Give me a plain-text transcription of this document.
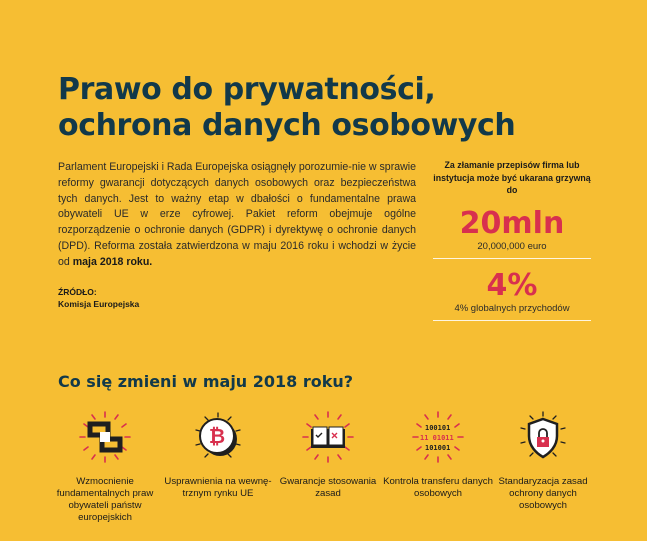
Prawo do prywatności,
ochrona danych osobowych

Parlament Europejski i Rada Europejska osiągnęły porozumie-nie w sprawie reformy gwarancji dotyczących danych osobowych oraz bezpieczeństwa tych danych. Jest to ważny etap w dbałości o fundamentalne prawa obywateli UE w erze cyfrowej. Pakiet reform obejmuje ogólne rozporządzenie o ochronie danych (GDPR) i dyrektywę o ochronie danych (DPD). Reforma została zatwierdzona w maju 2016 roku i wchodzi w życie od maja 2018 roku.

ŹRÓDŁO:
Komisja Europejska
Za złamanie przepisów firma lub instytucja może być ukarana grzywną do
20mln
20,000,000 euro
4%
4% globalnych przychodów
Co się zmieni w maju 2018 roku?
Wzmocnienie fundamentalnych praw obywateli państw europejskich
₿
Usprawnienia na wewnę-trznym rynku UE
Gwarancje stosowania zasad
100101
11 01011
101001
Kontrola transferu danych osobowych
Standaryzacja zasad ochrony danych osobowych
